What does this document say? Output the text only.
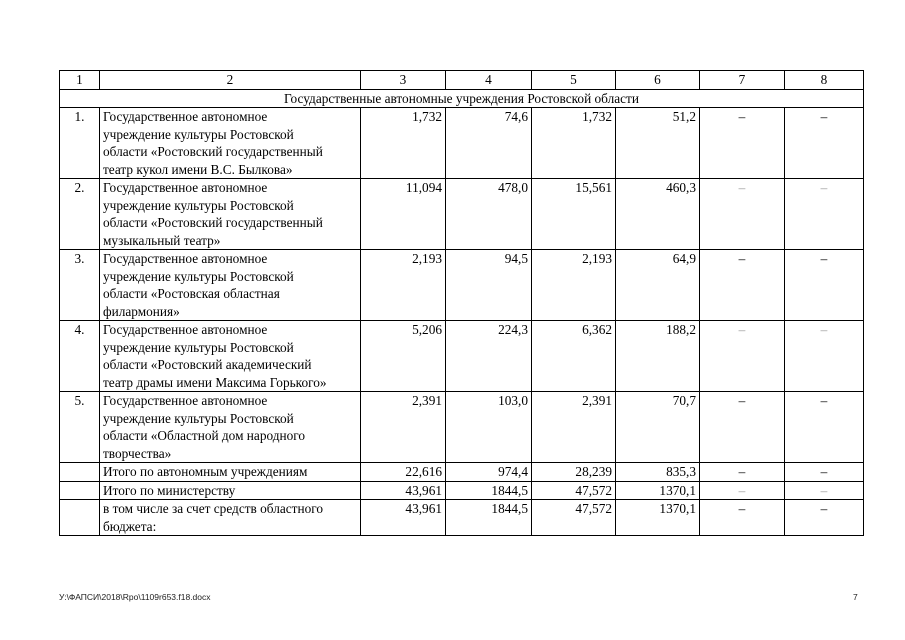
1	2	3	4	5	6	7	8
Государственные автономные учреждения Ростовской области							
1.	Государственное автономное
учреждение культуры Ростовской
области «Ростовский государственный
театр кукол имени В.С. Былкова»	1,732	74,6	1,732	51,2	–	–
2.	Государственное автономное
учреждение культуры Ростовской
области «Ростовский государственный
музыкальный театр»	11,094	478,0	15,561	460,3	–	–
3.	Государственное автономное
учреждение культуры Ростовской
области «Ростовская областная
филармония»	2,193	94,5	2,193	64,9	–	–
4.	Государственное автономное
учреждение культуры Ростовской
области «Ростовский академический
театр драмы имени Максима Горького»	5,206	224,3	6,362	188,2	–	–
5.	Государственное автономное
учреждение культуры Ростовской
области «Областной дом народного
творчества»	2,391	103,0	2,391	70,7	–	–
	Итого по автономным учреждениям	22,616	974,4	28,239	835,3	–	–
	Итого по министерству	43,961	1844,5	47,572	1370,1	–	–

	в том числе за счет средств областного
бюджета:	43,961	1844,5	47,572	1370,1	–	–
У:\ФАПСИ\2018\Rpo\1109r653.f18.docx	7
